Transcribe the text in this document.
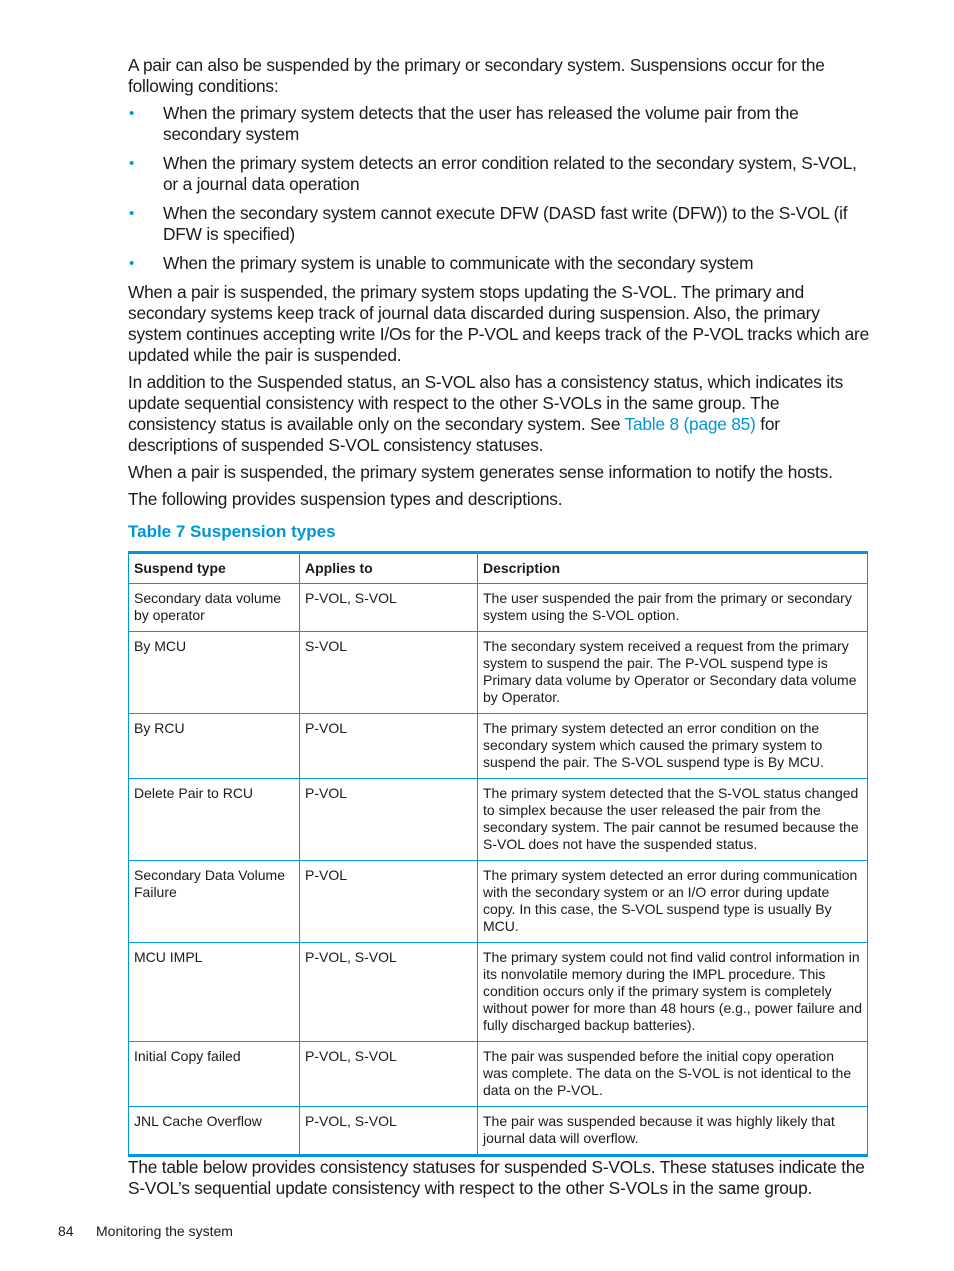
A pair can also be suspended by the primary or secondary system. Suspensions occur for the following conditions:

• When the primary system detects that the user has released the volume pair from the secondary system
• When the primary system detects an error condition related to the secondary system, S-VOL, or a journal data operation
• When the secondary system cannot execute DFW (DASD fast write (DFW)) to the S-VOL (if DFW is specified)
• When the primary system is unable to communicate with the secondary system

When a pair is suspended, the primary system stops updating the S-VOL. The primary and secondary systems keep track of journal data discarded during suspension. Also, the primary system continues accepting write I/Os for the P-VOL and keeps track of the P-VOL tracks which are updated while the pair is suspended.

In addition to the Suspended status, an S-VOL also has a consistency status, which indicates its update sequential consistency with respect to the other S-VOLs in the same group. The consistency status is available only on the secondary system. See Table 8 (page 85) for descriptions of suspended S-VOL consistency statuses.

When a pair is suspended, the primary system generates sense information to notify the hosts.

The following provides suspension types and descriptions.

Table 7 Suspension types
Suspend type	Applies to	Description
Secondary data volume by operator	P-VOL, S-VOL	The user suspended the pair from the primary or secondary system using the S-VOL option.
By MCU	S-VOL	The secondary system received a request from the primary system to suspend the pair. The P-VOL suspend type is Primary data volume by Operator or Secondary data volume by Operator.
By RCU	P-VOL	The primary system detected an error condition on the secondary system which caused the primary system to suspend the pair. The S-VOL suspend type is By MCU.
Delete Pair to RCU	P-VOL	The primary system detected that the S-VOL status changed to simplex because the user released the pair from the secondary system. The pair cannot be resumed because the S-VOL does not have the suspended status.
Secondary Data Volume Failure	P-VOL	The primary system detected an error during communication with the secondary system or an I/O error during update copy. In this case, the S-VOL suspend type is usually By MCU.
MCU IMPL	P-VOL, S-VOL	The primary system could not find valid control information in its nonvolatile memory during the IMPL procedure. This condition occurs only if the primary system is completely without power for more than 48 hours (e.g., power failure and fully discharged backup batteries).
Initial Copy failed	P-VOL, S-VOL	The pair was suspended before the initial copy operation was complete. The data on the S-VOL is not identical to the data on the P-VOL.
JNL Cache Overflow	P-VOL, S-VOL	The pair was suspended because it was highly likely that journal data will overflow.

The table below provides consistency statuses for suspended S-VOLs. These statuses indicate the S-VOL’s sequential update consistency with respect to the other S-VOLs in the same group.

84 Monitoring the system
